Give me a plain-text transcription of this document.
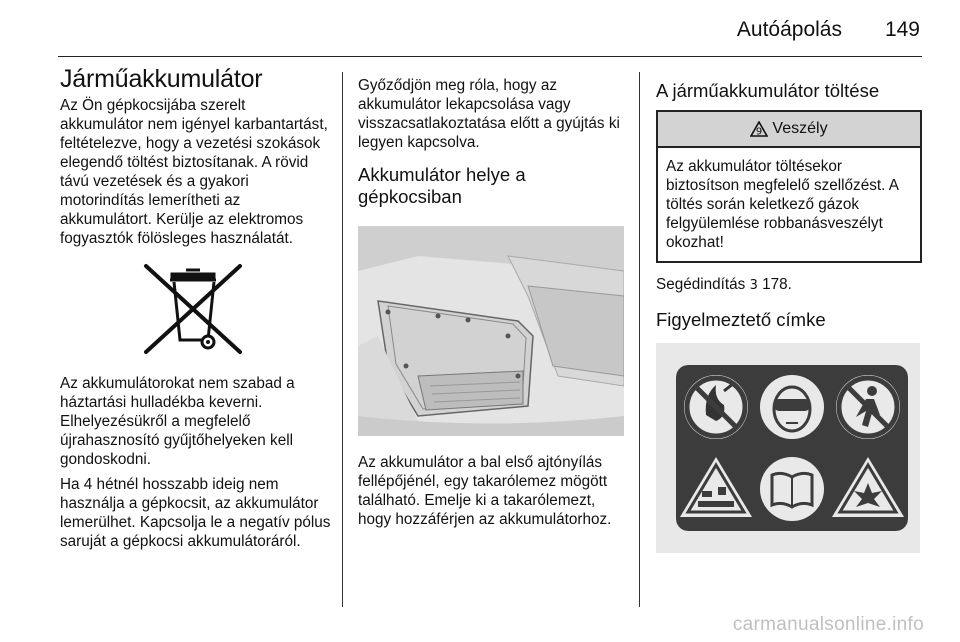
Autóápolás 149
Járműakkumulátor

Az Ön gépkocsijába szerelt akkumulátor nem igényel karbantartást, feltételezve, hogy a vezetési szokások elegendő töltést biztosítanak. A rövid távú vezetések és a gyakori motorindítás lemerítheti az akkumulátort. Kerülje az elektromos fogyasztók fölösleges használatát.

Az akkumulátorokat nem szabad a háztartási hulladékba keverni. Elhelyezésükről a megfelelő újrahasznosító gyűjtőhelyeken kell gondoskodni.

Ha 4 hétnél hosszabb ideig nem használja a gépkocsit, az akkumulátor lemerülhet. Kapcsolja le a negatív pólus saruját a gépkocsi akkumulátoráról.

Győződjön meg róla, hogy az akkumulátor lekapcsolása vagy visszacsatlakoztatása előtt a gyújtás ki legyen kapcsolva.

Akkumulátor helye a gépkocsiban

Az akkumulátor a bal első ajtónyílás fellépőjénél, egy takarólemez mögött található. Emelje ki a takarólemezt, hogy hozzáférjen az akkumulátorhoz.

A járműakkumulátor töltése
9 Veszély
Az akkumulátor töltésekor biztosítson megfelelő szellőzést. A töltés során keletkező gázok felgyülemlése robbanásveszélyt okozhat!

Segédindítás 3 178.

Figyelmeztető címke
carmanualsonline.info
